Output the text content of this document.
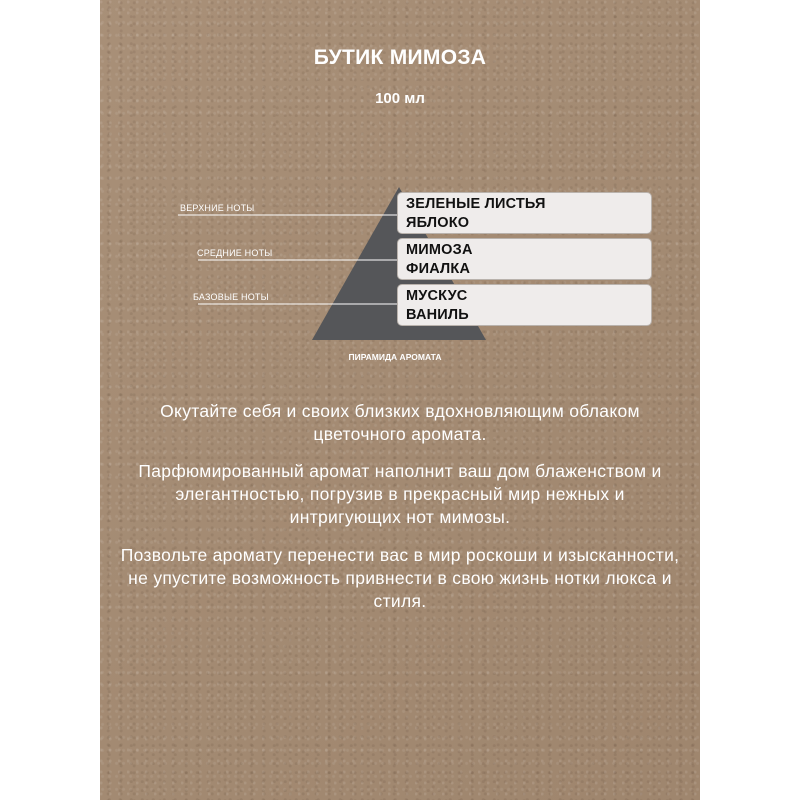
БУТИК МИМОЗА
100 мл
ВЕРХНИЕ НОТЫ
СРЕДНИЕ НОТЫ
БАЗОВЫЕ НОТЫ
ЗЕЛЕНЫЕ ЛИСТЬЯ
ЯБЛОКО
МИМОЗА
ФИАЛКА
МУСКУС
ВАНИЛЬ
ПИРАМИДА АРОМАТА
Окутайте себя и своих близких вдохновляющим облаком цветочного аромата.
Парфюмированный аромат наполнит ваш дом блаженством и элегантностью, погрузив в прекрасный мир нежных и интригующих нот мимозы.
Позвольте аромату перенести вас в мир роскоши и изысканности, не упустите возможность привнести в свою жизнь нотки люкса и стиля.
